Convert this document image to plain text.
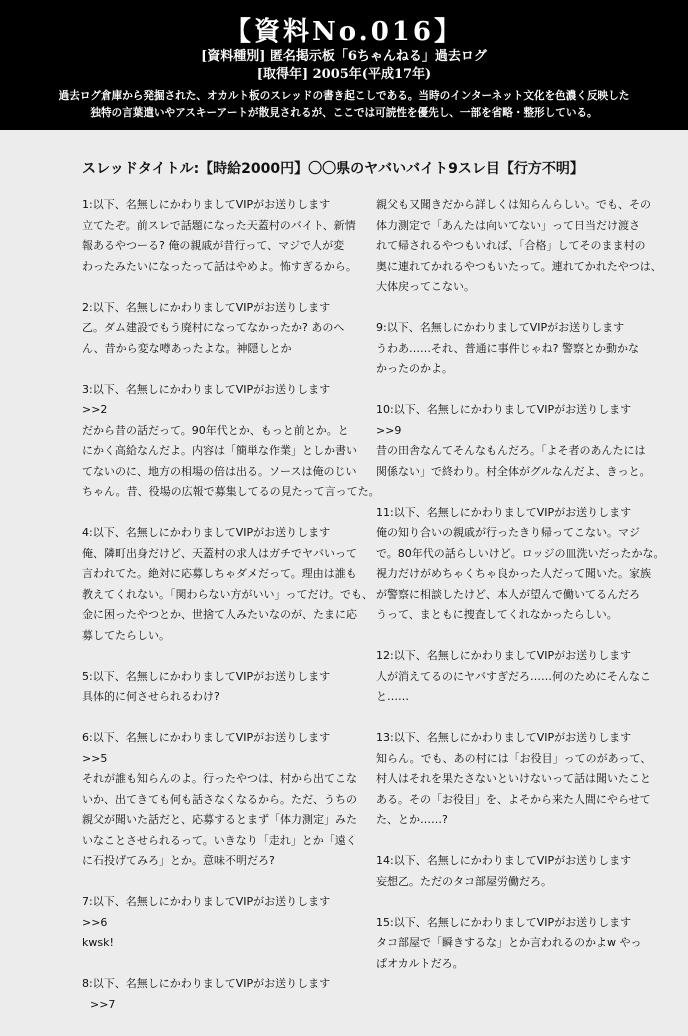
【資料No.016】
[資料種別] 匿名掲示板「6ちゃんねる」過去ログ
[取得年] 2005年(平成17年)
過去ログ倉庫から発掘された、オカルト板のスレッドの書き起こしである。当時のインターネット文化を色濃く反映した
独特の言葉遣いやアスキーアートが散見されるが、ここでは可読性を優先し、一部を省略・整形している。
スレッドタイトル:【時給2000円】〇〇県のヤバいバイト9スレ目【行方不明】
1:以下、名無しにかわりましてVIPがお送りします
立てたぞ。前スレで話題になった天蓋村のバイト、新情
報あるやつーる? 俺の親戚が昔行って、マジで人が変
わったみたいになったって話はやめよ。怖すぎるから。
2:以下、名無しにかわりましてVIPがお送りします
乙。ダム建設でもう廃村になってなかったか? あのへ
ん、昔から変な噂あったよな。神隠しとか
3:以下、名無しにかわりましてVIPがお送りします
>>2
だから昔の話だって。90年代とか、もっと前とか。と
にかく高給なんだよ。内容は「簡単な作業」としか書い
てないのに、地方の相場の倍は出る。ソースは俺のじい
ちゃん。昔、役場の広報で募集してるの見たって言ってた。
4:以下、名無しにかわりましてVIPがお送りします
俺、隣町出身だけど、天蓋村の求人はガチでヤバいって
言われてた。絶対に応募しちゃダメだって。理由は誰も
教えてくれない。「関わらない方がいい」ってだけ。でも、
金に困ったやつとか、世捨て人みたいなのが、たまに応
募してたらしい。
5:以下、名無しにかわりましてVIPがお送りします
具体的に何させられるわけ?
6:以下、名無しにかわりましてVIPがお送りします
>>5
それが誰も知らんのよ。行ったやつは、村から出てこな
いか、出てきても何も話さなくなるから。ただ、うちの
親父が聞いた話だと、応募するとまず「体力測定」みた
いなことさせられるって。いきなり「走れ」とか「遠く
に石投げてみろ」とか。意味不明だろ?
7:以下、名無しにかわりましてVIPがお送りします
>>6
kwsk!
8:以下、名無しにかわりましてVIPがお送りします
>>7
親父も又聞きだから詳しくは知らんらしい。でも、その
体力測定で「あんたは向いてない」って日当だけ渡さ
れて帰されるやつもいれば、「合格」してそのまま村の
奥に連れてかれるやつもいたって。連れてかれたやつは、
大体戻ってこない。
9:以下、名無しにかわりましてVIPがお送りします
うわあ……それ、普通に事件じゃね? 警察とか動かな
かったのかよ。
10:以下、名無しにかわりましてVIPがお送りします
>>9
昔の田舎なんてそんなもんだろ。「よそ者のあんたには
関係ない」で終わり。村全体がグルなんだよ、きっと。
11:以下、名無しにかわりましてVIPがお送りします
俺の知り合いの親戚が行ったきり帰ってこない。マジ
で。80年代の話らしいけど。ロッジの皿洗いだったかな。
視力だけがめちゃくちゃ良かった人だって聞いた。家族
が警察に相談したけど、本人が望んで働いてるんだろ
うって、まともに捜査してくれなかったらしい。
12:以下、名無しにかわりましてVIPがお送りします
人が消えてるのにヤバすぎだろ……何のためにそんなこ
と……
13:以下、名無しにかわりましてVIPがお送りします
知らん。でも、あの村には「お役目」ってのがあって、
村人はそれを果たさないといけないって話は聞いたこと
ある。その「お役目」を、よそから来た人間にやらせて
た、とか……?
14:以下、名無しにかわりましてVIPがお送りします
妄想乙。ただのタコ部屋労働だろ。
15:以下、名無しにかわりましてVIPがお送りします
タコ部屋で「瞬きするな」とか言われるのかよw やっ
ぱオカルトだろ。
